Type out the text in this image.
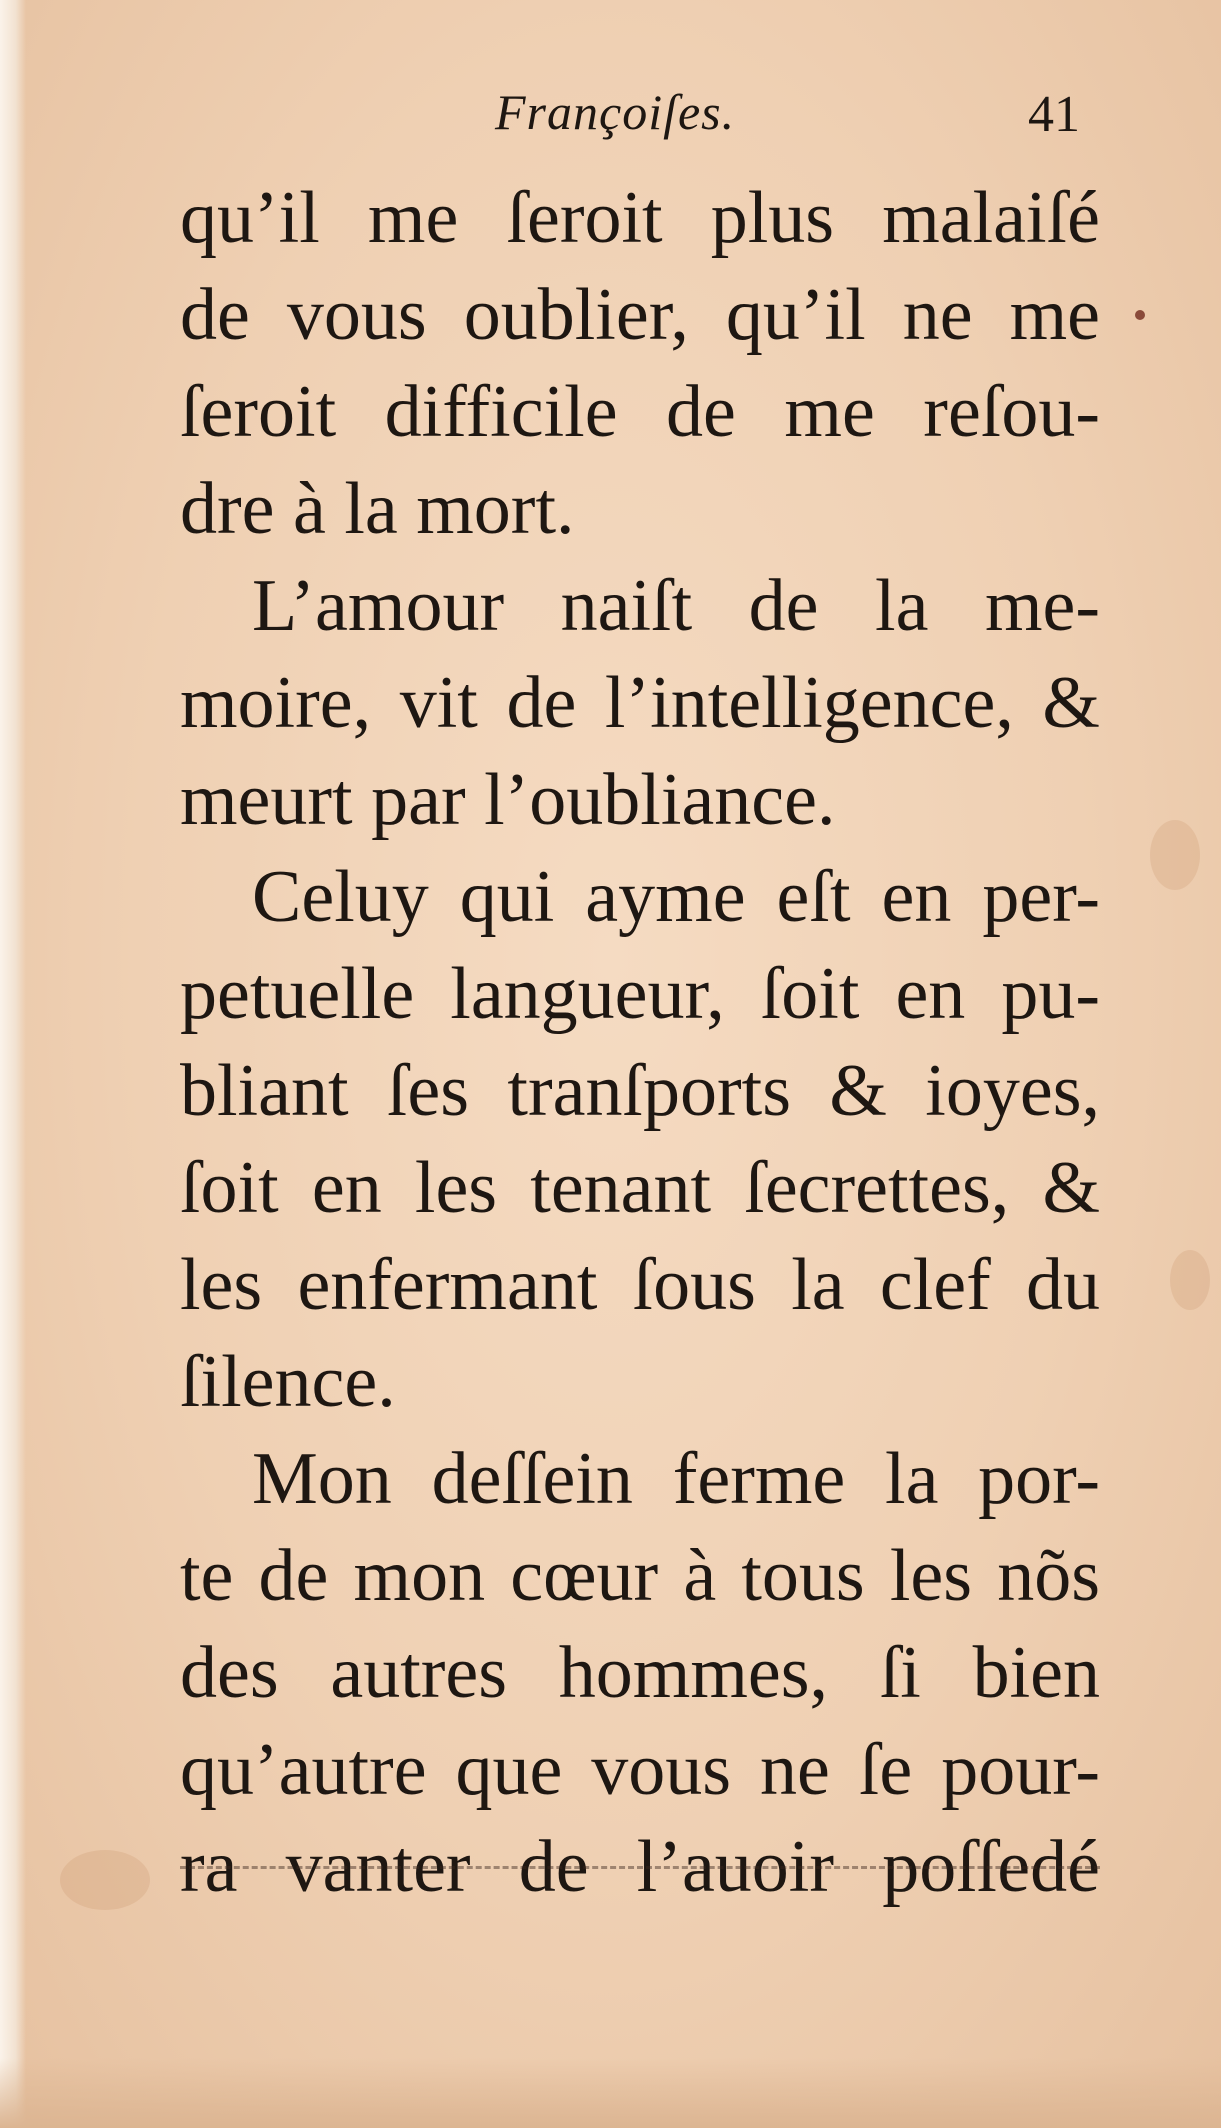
Françoiſes.	41
qu’il me ſeroit plus malaiſé
de vous oublier, qu’il ne me
ſeroit difficile de me reſou-
dre à la mort.
L’amour naiſt de la me-
moire, vit de l’intelligence, &
meurt par l’oubliance.
Celuy qui ayme eſt en per-
petuelle langueur, ſoit en pu-
bliant ſes tranſports & ioyes,
ſoit en les tenant ſecrettes, &
les enfermant ſous la clef du
ſilence.
Mon deſſein ferme la por-
te de mon cœur à tous les nõs
des autres hommes, ſi bien
qu’autre que vous ne ſe pour-
ra vanter de l’auoir poſſedé
